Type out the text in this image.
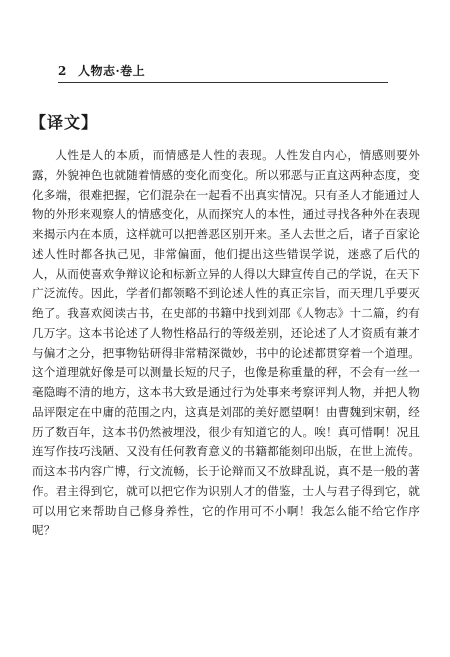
2 人物志·卷上
【译文】

人性是人的本质，而情感是人性的表现。人性发自内心，情感则要外露，外貌神色也就随着情感的变化而变化。所以邪恶与正直这两种态度，变化多端，很难把握，它们混杂在一起看不出真实情况。只有圣人才能通过人物的外形来观察人的情感变化，从而探究人的本性，通过寻找各种外在表现来揭示内在本质，这样就可以把善恶区别开来。圣人去世之后，诸子百家论述人性时都各执己见，非常偏面，他们提出这些错误学说，迷惑了后代的人，从而使喜欢争辩议论和标新立异的人得以大肆宣传自己的学说，在天下广泛流传。因此，学者们都领略不到论述人性的真正宗旨，而天理几乎要灭绝了。我喜欢阅读古书，在史部的书籍中找到刘邵《人物志》十二篇，约有几万字。这本书论述了人物性格品行的等级差别，还论述了人才资质有兼才与偏才之分，把事物钻研得非常精深微妙，书中的论述都贯穿着一个道理。这个道理就好像是可以测量长短的尺子，也像是称重量的秤，不会有一丝一毫隐晦不清的地方，这本书大致是通过行为处事来考察评判人物，并把人物品评限定在中庸的范围之内，这真是刘邵的美好愿望啊！由曹魏到宋朝，经历了数百年，这本书仍然被埋没，很少有知道它的人。唉！真可惜啊！况且连写作技巧浅陋、又没有任何教育意义的书籍都能刻印出版，在世上流传。而这本书内容广博，行文流畅，长于论辩而又不放肆乱说，真不是一般的著作。君主得到它，就可以把它作为识别人才的借鉴，士人与君子得到它，就可以用它来帮助自己修身养性，它的作用可不小啊！我怎么能不给它作序呢？
